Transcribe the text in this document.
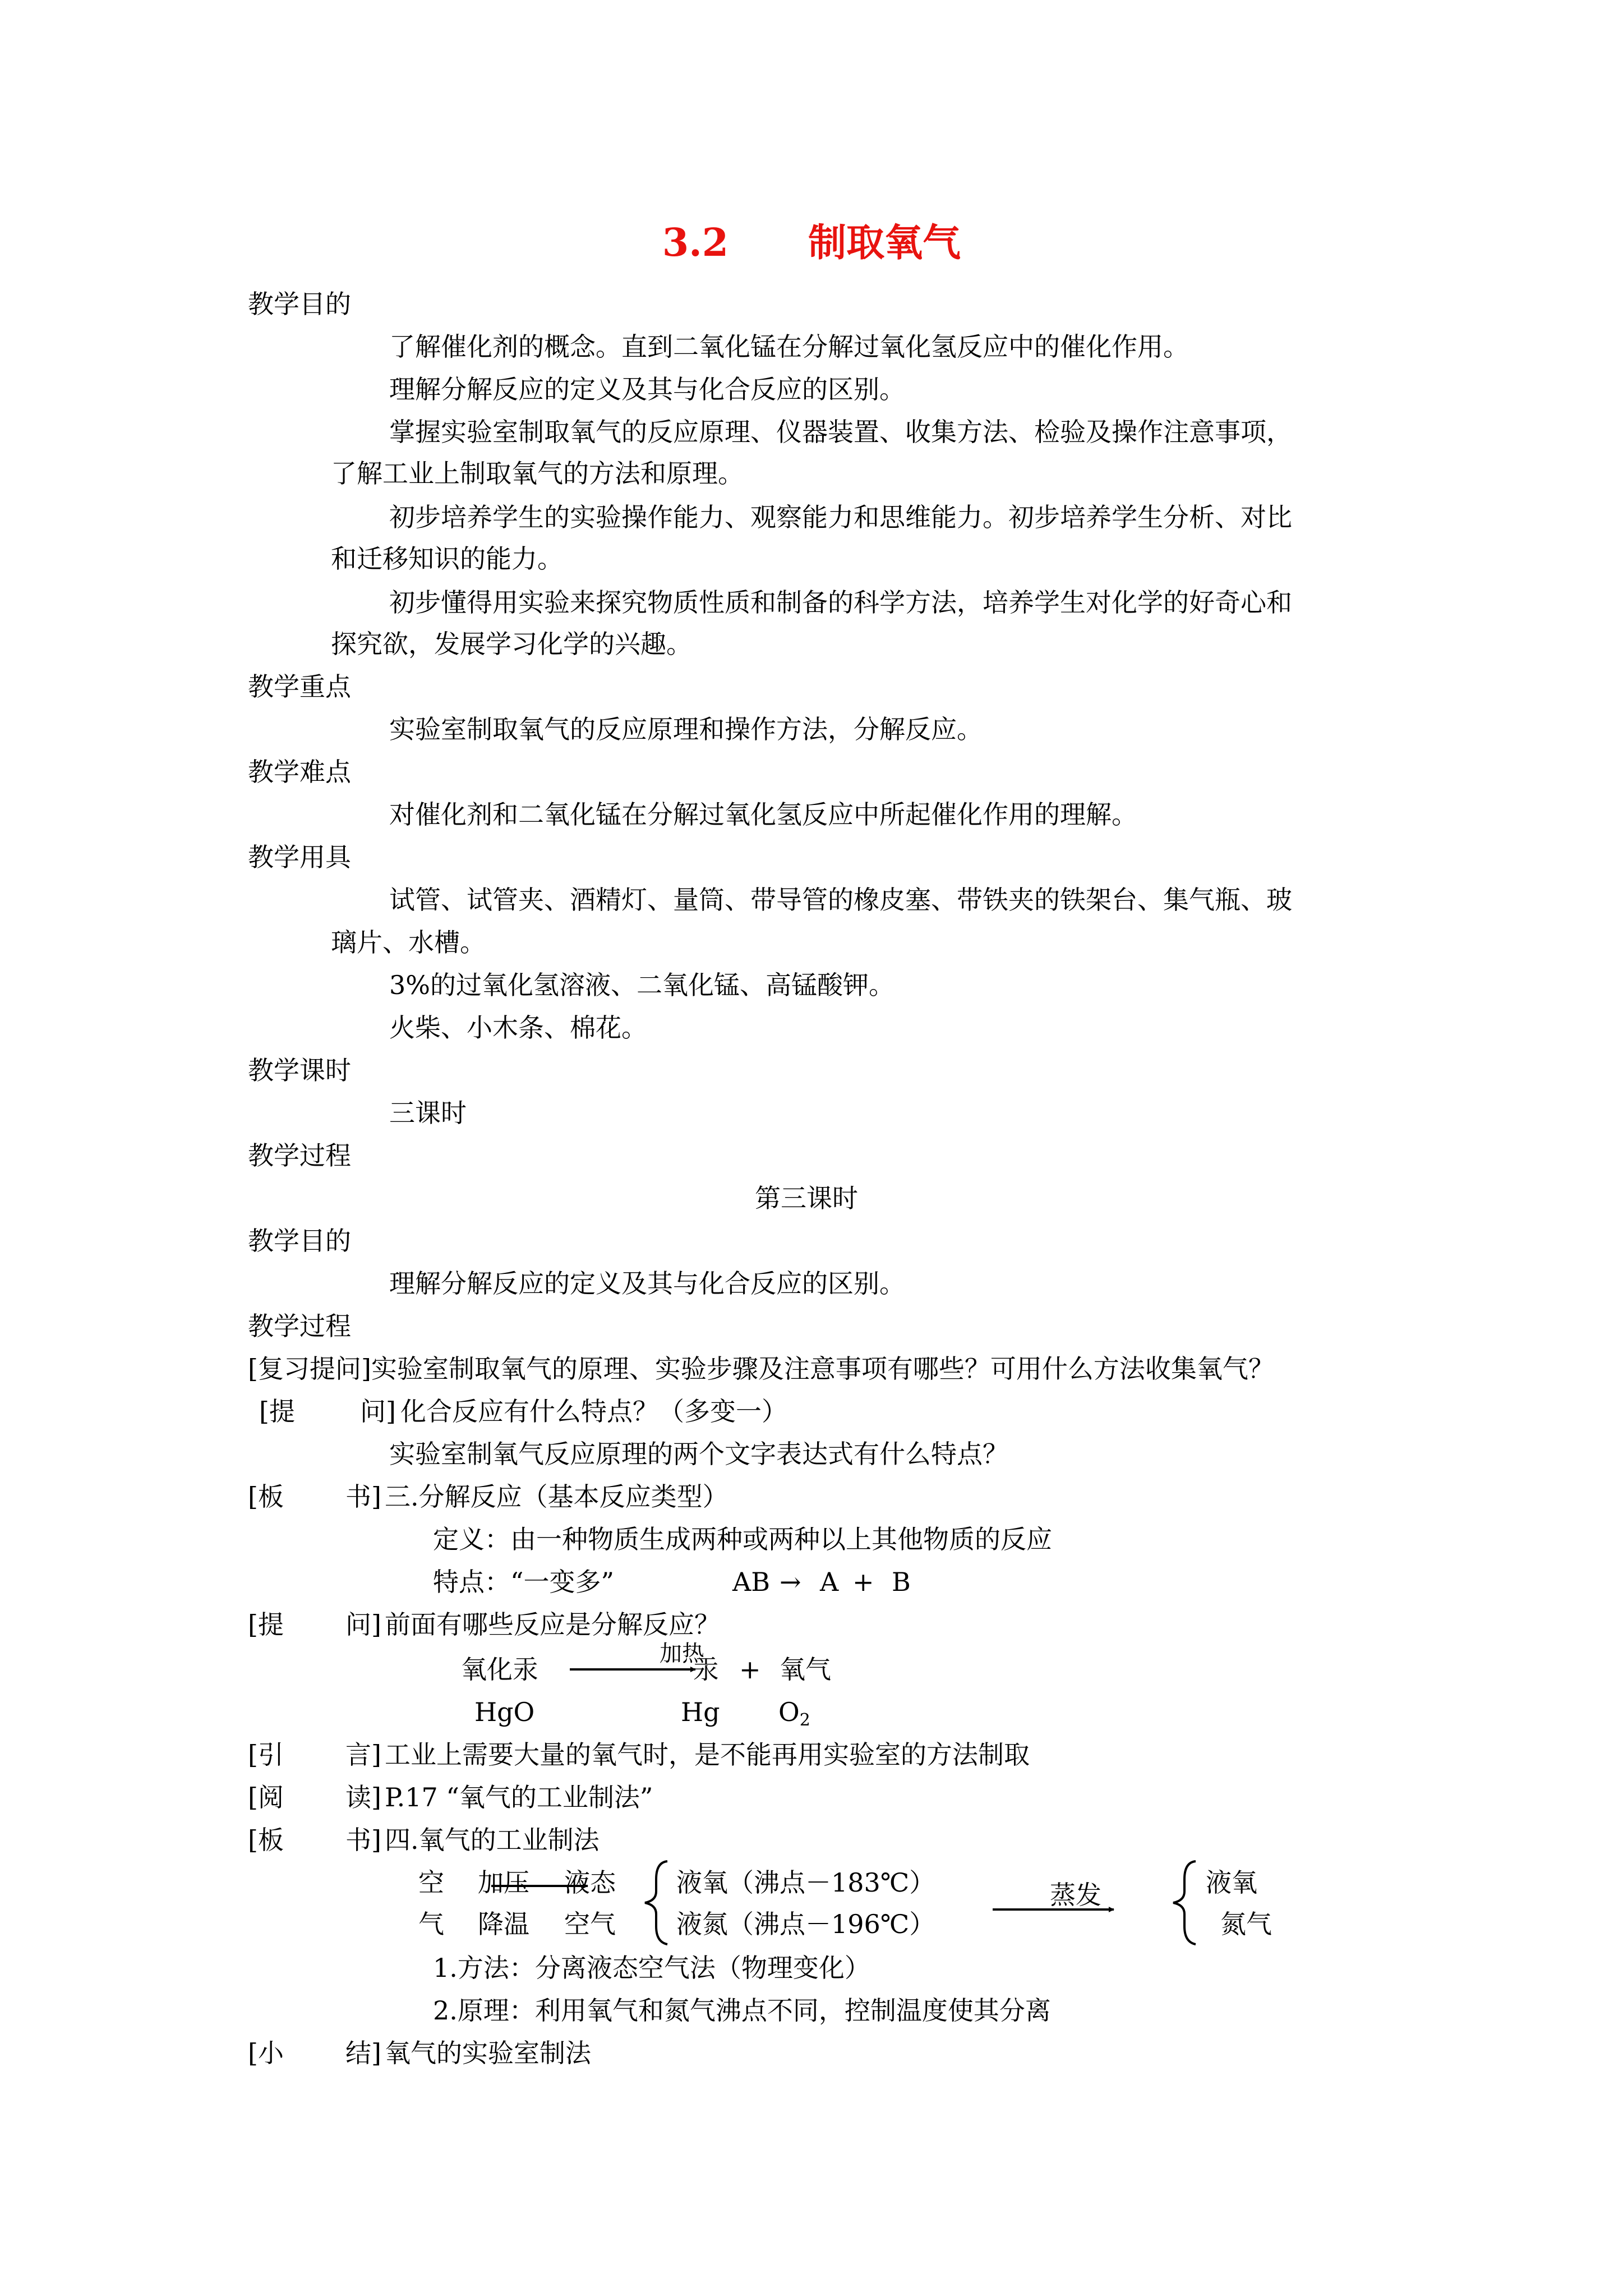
3.2 制取氧气
教学目的
了解催化剂的概念。直到二氧化锰在分解过氧化氢反应中的催化作用。
理解分解反应的定义及其与化合反应的区别。
掌握实验室制取氧气的反应原理、仪器装置、收集方法、检验及操作注意事项，
了解工业上制取氧气的方法和原理。
初步培养学生的实验操作能力、观察能力和思维能力。初步培养学生分析、对比
和迁移知识的能力。
初步懂得用实验来探究物质性质和制备的科学方法，培养学生对化学的好奇心和
探究欲，发展学习化学的兴趣。
教学重点
实验室制取氧气的反应原理和操作方法，分解反应。
教学难点
对催化剂和二氧化锰在分解过氧化氢反应中所起催化作用的理解。
教学用具
试管、试管夹、酒精灯、量筒、带导管的橡皮塞、带铁夹的铁架台、集气瓶、玻
璃片、水槽。
3%的过氧化氢溶液、二氧化锰、高锰酸钾。
火柴、小木条、棉花。
教学课时
三课时
教学过程
第三课时
教学目的
理解分解反应的定义及其与化合反应的区别。
教学过程
[复习提问]实验室制取氧气的原理、实验步骤及注意事项有哪些？可用什么方法收集氧气？
[提	问] 化合反应有什么特点？（多变一）
实验室制氧气反应原理的两个文字表达式有什么特点？
[板 书] 三.分解反应（基本反应类型）
定义：由一种物质生成两种或两种以上其他物质的反应
特点：“一变多”	AB → A + B
[提 问] 前面有哪些反应是分解反应？
氧化汞
加热
汞 + 氧气
HgO	Hg $O_2$
[引 言] 工业上需要大量的氧气时，是不能再用实验室的方法制取
[阅 读] P.17 “氧气的工业制法”
[板 书] 四.氧气的工业制法
空
气
加压
降温
液态
空气
液氧（沸点－183℃）
液氮（沸点－196℃）
蒸发	液氧
氮气
1.方法：分离液态空气法（物理变化）
2.原理：利用氧气和氮气沸点不同，控制温度使其分离
[小 结] 氧气的实验室制法
